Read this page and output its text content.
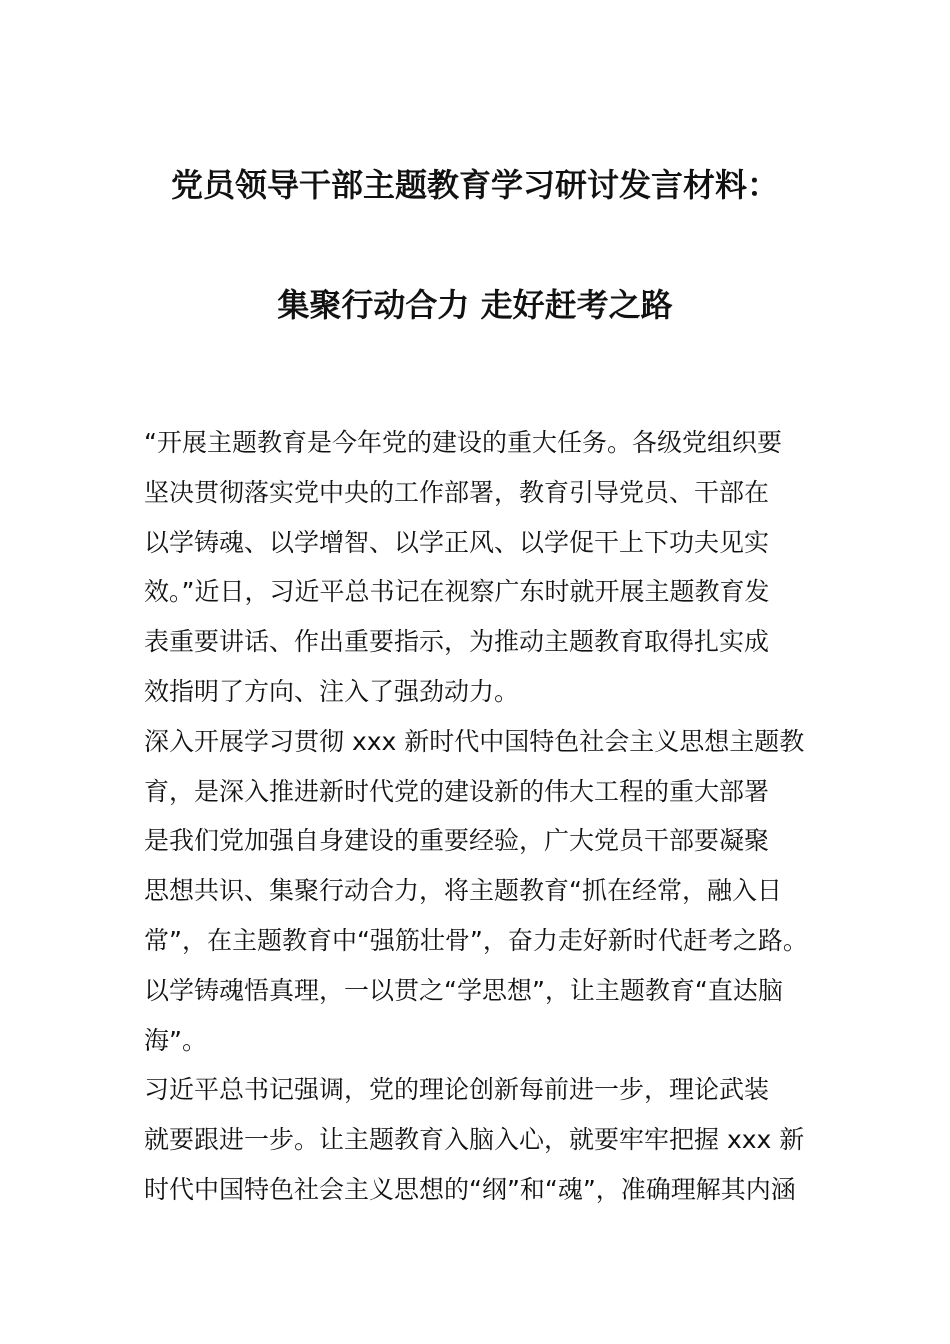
党员领导干部主题教育学习研讨发言材料：
集聚行动合力 走好赶考之路
“开展主题教育是今年党的建设的重大任务。各级党组织要
坚决贯彻落实党中央的工作部署，教育引导党员、干部在
以学铸魂、以学增智、以学正风、以学促干上下功夫见实
效。”近日，习近平总书记在视察广东时就开展主题教育发
表重要讲话、作出重要指示，为推动主题教育取得扎实成
效指明了方向、注入了强劲动力。
深入开展学习贯彻 xxx 新时代中国特色社会主义思想主题教
育，是深入推进新时代党的建设新的伟大工程的重大部署
是我们党加强自身建设的重要经验，广大党员干部要凝聚
思想共识、集聚行动合力，将主题教育“抓在经常，融入日
常”，在主题教育中“强筋壮骨”，奋力走好新时代赶考之路。
以学铸魂悟真理，一以贯之“学思想”，让主题教育“直达脑
海”。
习近平总书记强调，党的理论创新每前进一步，理论武装
就要跟进一步。让主题教育入脑入心，就要牢牢把握 xxx 新
时代中国特色社会主义思想的“纲”和“魂”，准确理解其内涵
